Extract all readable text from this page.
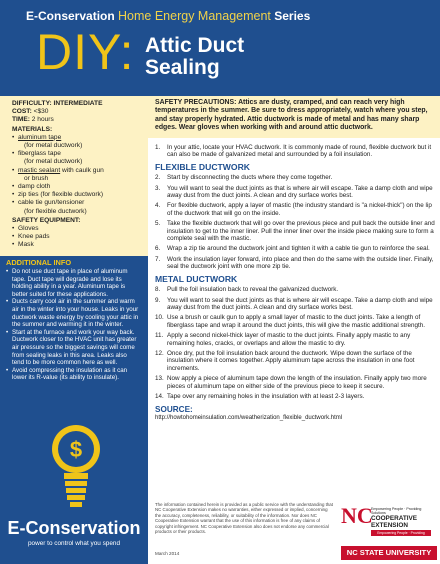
E-Conservation Home Energy Management Series
DIY: Attic Duct
Sealing
DIFFICULTY: INTERMEDIATE
COST: <$30
TIME: 2 hours
MATERIALS:
• aluminum tape
(for metal ductwork)
• fiberglass tape
(for metal ductwork)
• mastic sealant with caulk gun
or brush
• damp cloth
• zip ties (for flexible ductwork)
• cable tie gun/tensioner
(for flexible ductwork)
SAFETY EQUIPMENT:
• Gloves
• Knee pads
• Mask
ADDITIONAL INFO
• Do not use duct tape in place of aluminum tape. Duct tape will degrade and lose its holding ability in a year. Aluminum tape is better suited for these applications.
• Ducts carry cool air in the summer and warm air in the winter into your house. Leaks in your ductwork waste energy by cooling your attic in the summer and warming it in the winter.
• Start at the furnace and work your way back. Ductwork closer to the HVAC unit has greater air pressure so the biggest savings will come from sealing leaks in this area. Leaks also tend to be more common here as well.
• Avoid compressing the insulation as it can lower its R-value (its ability to insulate).
$
E-Conservation
power to control what you spend
SAFETY PRECAUTIONS: Attics are dusty, cramped, and can reach very high temperatures in the summer. Be sure to dress appropriately, watch where you step, and stay properly hydrated. Attic ductwork is made of metal and has many sharp edges. Wear gloves when working with and around attic ductwork.
1. In your attic, locate your HVAC ductwork. It is commonly made of round, flexible ductwork but it can also be made of galvanized metal and surrounded by a foil insulation.
FLEXIBLE DUCTWORK
2. Start by disconnecting the ducts where they come together.
3. You will want to seal the duct joints as that is where air will escape. Take a damp cloth and wipe away dust from the duct joints. A clean and dry surface works best.
4. For flexible ductwork, apply a layer of mastic (the industry standard is "a nickel-thick") on the lip of the ductwork that will go on the inside.
5. Take the flexible ductwork that will go over the previous piece and pull back the outside liner and insulation to get to the inner liner. Pull the inner liner over the inside piece making sure to form a complete seal with the mastic.
6. Wrap a zip tie around the ductwork joint and tighten it with a cable tie gun to reinforce the seal.
7. Work the insulation layer forward, into place and then do the same with the outside liner. Finally, seal the ductwork joint with one more zip tie.
METAL DUCTWORK
8. Pull the foil insulation back to reveal the galvanized ductwork.
9. You will want to seal the duct joints as that is where air will escape. Take a damp cloth and wipe away dust from the duct joints. A clean and dry surface works best.
10. Use a brush or caulk gun to apply a small layer of mastic to the duct joints. Take a length of fiberglass tape and wrap it around the duct joints, this will give the mastic additional strength.
11. Apply a second nickel-thick layer of mastic to the duct joints. Finally apply mastic to any remaining holes, cracks, or overlaps and allow the mastic to dry.
12. Once dry, put the foil insulation back around the ductwork. Wipe down the surface of the insulation where it comes together. Apply aluminum tape across the insulation in one foot increments.
13. Now apply a piece of aluminum tape down the length of the insulation. Finally apply two more pieces of aluminum tape on either side of the previous piece to keep it secure.
14. Tape over any remaining holes in the insulation with at least 2-3 layers.
SOURCE:
http://howtohomeinsulation.com/weatherization_flexible_ductwork.html
The information contained herein is provided as a public service with the understanding that NC Cooperative Extension makes no warranties, either expressed or implied, concerning the accuracy, completeness, reliability, or suitability of the information. Nor does NC Cooperative Extension warrant that the use of this information is free of any claims of copyright infringement. NC Cooperative Extension also does not endorse any commercial products or their products.
March 2014
NC
Empowering People · Providing Solutions
COOPERATIVE
EXTENSION
Empowering People · Providing Solutions
NC STATE UNIVERSITY
